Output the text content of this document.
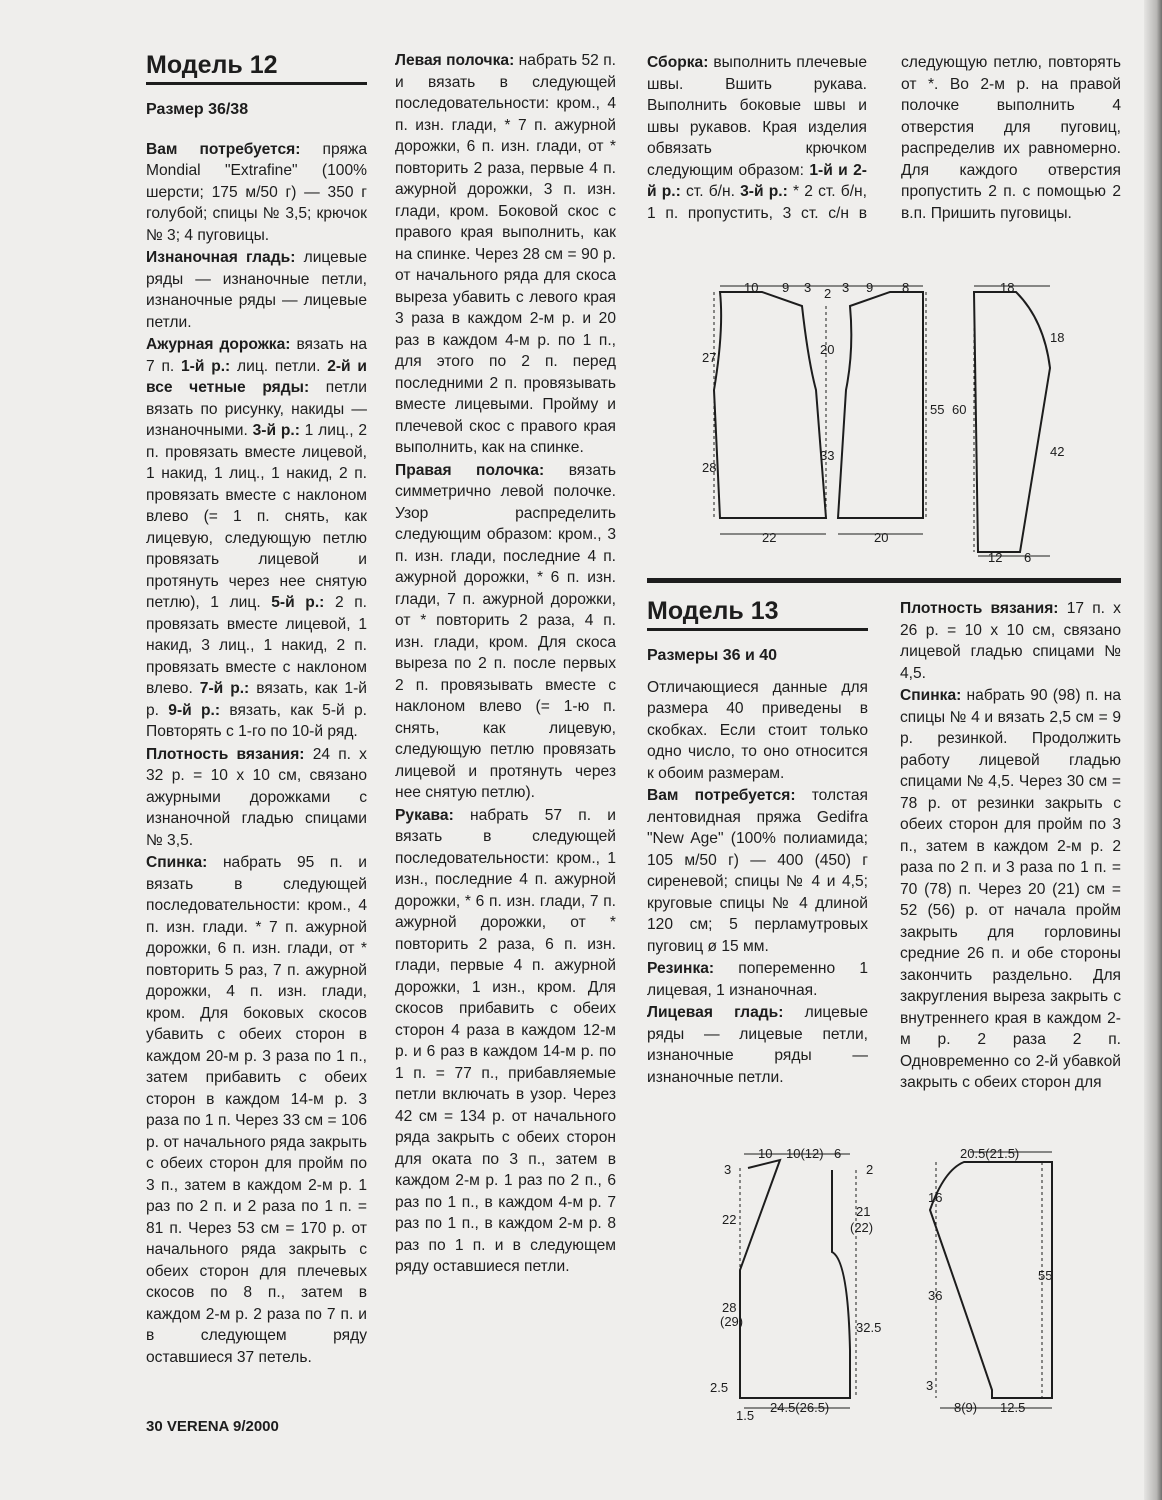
Модель 12
Размер 36/38

Вам потребуется: пряжа Mondial "Extrafine" (100% шерсти; 175 м/50 г) — 350 г голубой; спицы № 3,5; крючок № 3; 4 пуговицы.

Изнаночная гладь: лицевые ряды — изнаночные петли, изнаночные ряды — лицевые петли.

Ажурная дорожка: вязать на 7 п. 1-й р.: лиц. петли. 2-й и все четные ряды: петли вязать по рисунку, накиды — изнаночными. 3-й р.: 1 лиц., 2 п. провязать вместе лицевой, 1 накид, 1 лиц., 1 накид, 2 п. провязать вместе с наклоном влево (= 1 п. снять, как лицевую, следующую петлю провязать лицевой и протянуть через нее снятую петлю), 1 лиц. 5-й р.: 2 п. провязать вместе лицевой, 1 накид, 3 лиц., 1 накид, 2 п. провязать вместе с наклоном влево. 7-й р.: вязать, как 1-й р. 9-й р.: вязать, как 5-й р. Повторять с 1-го по 10-й ряд.

Плотность вязания: 24 п. х 32 р. = 10 х 10 см, связано ажурными дорожками с изнаночной гладью спицами № 3,5.

Спинка: набрать 95 п. и вязать в следующей последовательности: кром., 4 п. изн. глади. * 7 п. ажурной дорожки, 6 п. изн. глади, от * повторить 5 раз, 7 п. ажурной дорожки, 4 п. изн. глади, кром. Для боковых скосов убавить с обеих сторон в каждом 20-м р. 3 раза по 1 п., затем прибавить с обеих сторон в каждом 14-м р. 3 раза по 1 п. Через 33 см = 106 р. от начального ряда закрыть с обеих сторон для пройм по 3 п., затем в каждом 2-м р. 1 раз по 2 п. и 2 раза по 1 п. = 81 п. Через 53 см = 170 р. от начального ряда закрыть с обеих сторон для плечевых скосов по 8 п., затем в каждом 2-м р. 2 раза по 7 п. и в следующем ряду оставшиеся 37 петель.

Левая полочка: набрать 52 п. и вязать в следующей последовательности: кром., 4 п. изн. глади, * 7 п. ажурной дорожки, 6 п. изн. глади, от * повторить 2 раза, первые 4 п. ажурной дорожки, 3 п. изн. глади, кром. Боковой скос с правого края выполнить, как на спинке. Через 28 см = 90 р. от начального ряда для скоса выреза убавить с левого края 3 раза в каждом 2-м р. и 20 раз в каждом 4-м р. по 1 п., для этого по 2 п. перед последними 2 п. провязывать вместе лицевыми. Пройму и плечевой скос с правого края выполнить, как на спинке.

Правая полочка: вязать симметрично левой полочке. Узор распределить следующим образом: кром., 3 п. изн. глади, последние 4 п. ажурной дорожки, * 6 п. изн. глади, 7 п. ажурной дорожки, от * повторить 2 раза, 4 п. изн. глади, кром. Для скоса выреза по 2 п. после первых 2 п. провязывать вместе с наклоном влево (= 1-ю п. снять, как лицевую, следующую петлю провязать лицевой и протянуть через нее снятую петлю).

Рукава: набрать 57 п. и вязать в следующей последовательности: кром., 1 изн., последние 4 п. ажурной дорожки, * 6 п. изн. глади, 7 п. ажурной дорожки, от * повторить 2 раза, 6 п. изн. глади, первые 4 п. ажурной дорожки, 1 изн., кром. Для скосов прибавить с обеих сторон 4 раза в каждом 12-м р. и 6 раз в каждом 14-м р. по 1 п. = 77 п., прибавляемые петли включать в узор. Через 42 см = 134 р. от начального ряда закрыть с обеих сторон для оката по 3 п., затем в каждом 2-м р. 1 раз по 2 п., 6 раз по 1 п., в каждом 4-м р. 7 раз по 1 п., в каждом 2-м р. 8 раз по 1 п. и в следующем ряду оставшиеся петли.

Сборка: выполнить плечевые швы. Вшить рукава. Выполнить боковые швы и швы рукавов. Края изделия обвязать крючком следующим образом: 1-й и 2-й р.: ст. б/н. 3-й р.: * 2 ст. б/н, 1 п. пропустить, 3 ст. с/н в следующую петлю, повторять от *. Во 2-м р. на правой полочке выполнить 4 отверстия для пуговиц, распределив их равномерно. Для каждого отверстия пропустить 2 п. с помощью 2 в.п. Пришить пуговицы.

10 9 3 2 3 9 8
27
28
20
33
55 60
22	20
18
18
42
12 6
Модель 13
Размеры 36 и 40

Отличающиеся данные для размера 40 приведены в скобках. Если стоит только одно число, то оно относится к обоим размерам.

Вам потребуется: толстая лентовидная пряжа Gedifra "New Age" (100% полиамида; 105 м/50 г) — 400 (450) г сиреневой; спицы № 4 и 4,5; круговые спицы № 4 длиной 120 см; 5 перламутровых пуговиц ø 15 мм.

Резинка: попеременно 1 лицевая, 1 изнаночная.

Лицевая гладь: лицевые ряды — лицевые петли, изнаночные ряды — изнаночные петли.

Плотность вязания: 17 п. х 26 р. = 10 х 10 см, связано лицевой гладью спицами № 4,5.

Спинка: набрать 90 (98) п. на спицы № 4 и вязать 2,5 см = 9 р. резинкой. Продолжить работу лицевой гладью спицами № 4,5. Через 30 см = 78 р. от резинки закрыть с обеих сторон для пройм по 3 п., затем в каждом 2-м р. 2 раза по 2 п. и 3 раза по 1 п. = 70 (78) п. Через 20 (21) см = 52 (56) р. от начала пройм закрыть для горловины средние 26 п. и обе стороны закончить раздельно. Для закругления выреза закрыть с внутреннего края в каждом 2-м р. 2 раза 2 п. Одновременно со 2-й убавкой закрыть с обеих сторон для

10 10(12) 6
2
3
22
21
(22)
28
(29)	32.5
2.5
1.5
24.5(26.5)
20.5(21.5)
16
36
55
3
8(9) 12.5
30 VERENA 9/2000
